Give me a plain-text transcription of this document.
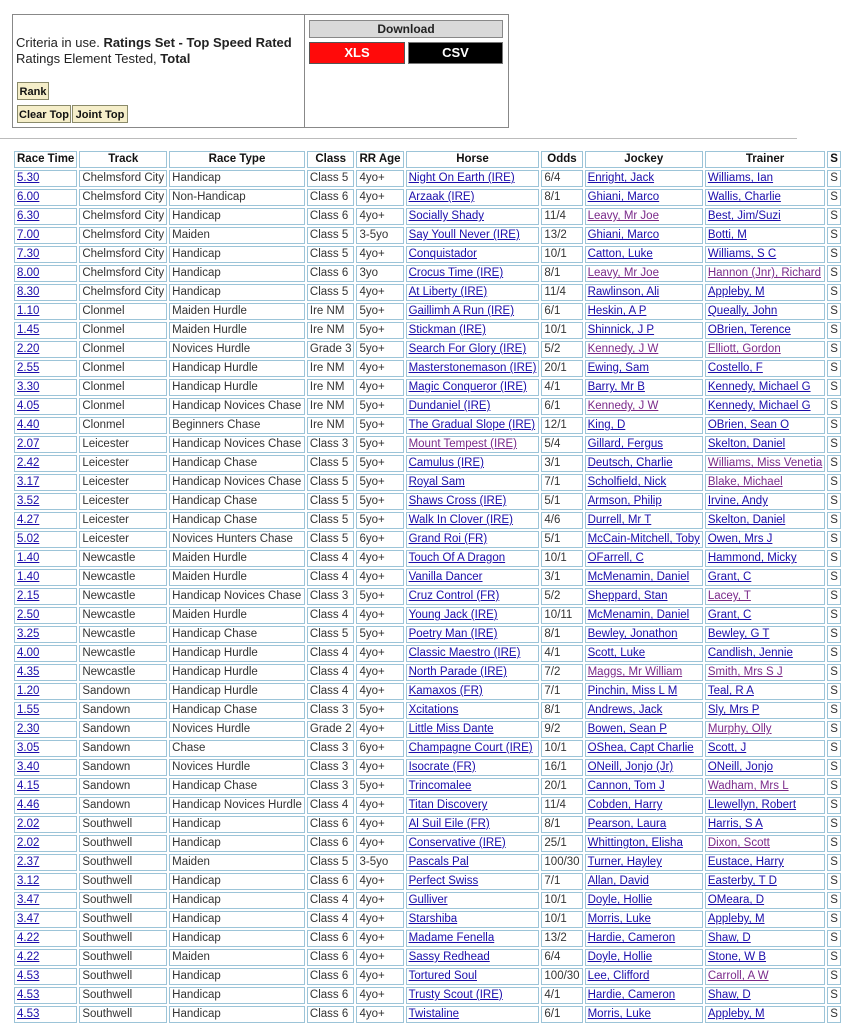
Criteria in use. Ratings Set - Top Speed Rated
Ratings Element Tested, Total
Rank
Clear Top Joint Top
Download
XLS	CSV
Race Time	Track	Race Type	Class	RR Age	Horse	Odds	Jockey	Trainer	S
5.30	Chelmsford City	Handicap	Class 5	4yo+	Night On Earth (IRE)	6/4	Enright, Jack	Williams, Ian	S
6.00	Chelmsford City	Non-Handicap	Class 6	4yo+	Arzaak (IRE)	8/1	Ghiani, Marco	Wallis, Charlie	S
6.30	Chelmsford City	Handicap	Class 6	4yo+	Socially Shady	11/4	Leavy, Mr Joe	Best, Jim/Suzi	S
7.00	Chelmsford City	Maiden	Class 5	3-5yo	Say Youll Never (IRE)	13/2	Ghiani, Marco	Botti, M	S
7.30	Chelmsford City	Handicap	Class 5	4yo+	Conquistador	10/1	Catton, Luke	Williams, S C	S
8.00	Chelmsford City	Handicap	Class 6	3yo	Crocus Time (IRE)	8/1	Leavy, Mr Joe	Hannon (Jnr), Richard	S
8.30	Chelmsford City	Handicap	Class 5	4yo+	At Liberty (IRE)	11/4	Rawlinson, Ali	Appleby, M	S
1.10	Clonmel	Maiden Hurdle	Ire NM	5yo+	Gaillimh A Run (IRE)	6/1	Heskin, A P	Queally, John	S
1.45	Clonmel	Maiden Hurdle	Ire NM	5yo+	Stickman (IRE)	10/1	Shinnick, J P	OBrien, Terence	S
2.20	Clonmel	Novices Hurdle	Grade 3	5yo+	Search For Glory (IRE)	5/2	Kennedy, J W	Elliott, Gordon	S
2.55	Clonmel	Handicap Hurdle	Ire NM	4yo+	Masterstonemason (IRE)	20/1	Ewing, Sam	Costello, F	S
3.30	Clonmel	Handicap Hurdle	Ire NM	4yo+	Magic Conqueror (IRE)	4/1	Barry, Mr B	Kennedy, Michael G	S
4.05	Clonmel	Handicap Novices Chase	Ire NM	5yo+	Dundaniel (IRE)	6/1	Kennedy, J W	Kennedy, Michael G	S
4.40	Clonmel	Beginners Chase	Ire NM	5yo+	The Gradual Slope (IRE)	12/1	King, D	OBrien, Sean O	S
2.07	Leicester	Handicap Novices Chase	Class 3	5yo+	Mount Tempest (IRE)	5/4	Gillard, Fergus	Skelton, Daniel	S
2.42	Leicester	Handicap Chase	Class 5	5yo+	Camulus (IRE)	3/1	Deutsch, Charlie	Williams, Miss Venetia	S
3.17	Leicester	Handicap Novices Chase	Class 5	5yo+	Royal Sam	7/1	Scholfield, Nick	Blake, Michael	S
3.52	Leicester	Handicap Chase	Class 5	5yo+	Shaws Cross (IRE)	5/1	Armson, Philip	Irvine, Andy	S
4.27	Leicester	Handicap Chase	Class 5	5yo+	Walk In Clover (IRE)	4/6	Durrell, Mr T	Skelton, Daniel	S
5.02	Leicester	Novices Hunters Chase	Class 5	6yo+	Grand Roi (FR)	5/1	McCain-Mitchell, Toby	Owen, Mrs J	S
1.40	Newcastle	Maiden Hurdle	Class 4	4yo+	Touch Of A Dragon	10/1	OFarrell, C	Hammond, Micky	S
1.40	Newcastle	Maiden Hurdle	Class 4	4yo+	Vanilla Dancer	3/1	McMenamin, Daniel	Grant, C	S
2.15	Newcastle	Handicap Novices Chase	Class 3	5yo+	Cruz Control (FR)	5/2	Sheppard, Stan	Lacey, T	S
2.50	Newcastle	Maiden Hurdle	Class 4	4yo+	Young Jack (IRE)	10/11	McMenamin, Daniel	Grant, C	S
3.25	Newcastle	Handicap Chase	Class 5	5yo+	Poetry Man (IRE)	8/1	Bewley, Jonathon	Bewley, G T	S
4.00	Newcastle	Handicap Hurdle	Class 4	4yo+	Classic Maestro (IRE)	4/1	Scott, Luke	Candlish, Jennie	S
4.35	Newcastle	Handicap Hurdle	Class 4	4yo+	North Parade (IRE)	7/2	Maggs, Mr William	Smith, Mrs S J	S
1.20	Sandown	Handicap Hurdle	Class 4	4yo+	Kamaxos (FR)	7/1	Pinchin, Miss L M	Teal, R A	S
1.55	Sandown	Handicap Chase	Class 3	5yo+	Xcitations	8/1	Andrews, Jack	Sly, Mrs P	S
2.30	Sandown	Novices Hurdle	Grade 2	4yo+	Little Miss Dante	9/2	Bowen, Sean P	Murphy, Olly	S
3.05	Sandown	Chase	Class 3	6yo+	Champagne Court (IRE)	10/1	OShea, Capt Charlie	Scott, J	S
3.40	Sandown	Novices Hurdle	Class 3	4yo+	Isocrate (FR)	16/1	ONeill, Jonjo (Jr)	ONeill, Jonjo	S
4.15	Sandown	Handicap Chase	Class 3	5yo+	Trincomalee	20/1	Cannon, Tom J	Wadham, Mrs L	S
4.46	Sandown	Handicap Novices Hurdle	Class 4	4yo+	Titan Discovery	11/4	Cobden, Harry	Llewellyn, Robert	S
2.02	Southwell	Handicap	Class 6	4yo+	Al Suil Eile (FR)	8/1	Pearson, Laura	Harris, S A	S
2.02	Southwell	Handicap	Class 6	4yo+	Conservative (IRE)	25/1	Whittington, Elisha	Dixon, Scott	S
2.37	Southwell	Maiden	Class 5	3-5yo	Pascals Pal	100/30	Turner, Hayley	Eustace, Harry	S
3.12	Southwell	Handicap	Class 6	4yo+	Perfect Swiss	7/1	Allan, David	Easterby, T D	S
3.47	Southwell	Handicap	Class 4	4yo+	Gulliver	10/1	Doyle, Hollie	OMeara, D	S
3.47	Southwell	Handicap	Class 4	4yo+	Starshiba	10/1	Morris, Luke	Appleby, M	S
4.22	Southwell	Handicap	Class 6	4yo+	Madame Fenella	13/2	Hardie, Cameron	Shaw, D	S
4.22	Southwell	Maiden	Class 6	4yo+	Sassy Redhead	6/4	Doyle, Hollie	Stone, W B	S
4.53	Southwell	Handicap	Class 6	4yo+	Tortured Soul	100/30	Lee, Clifford	Carroll, A W	S
4.53	Southwell	Handicap	Class 6	4yo+	Trusty Scout (IRE)	4/1	Hardie, Cameron	Shaw, D	S
4.53	Southwell	Handicap	Class 6	4yo+	Twistaline	6/1	Morris, Luke	Appleby, M	S
